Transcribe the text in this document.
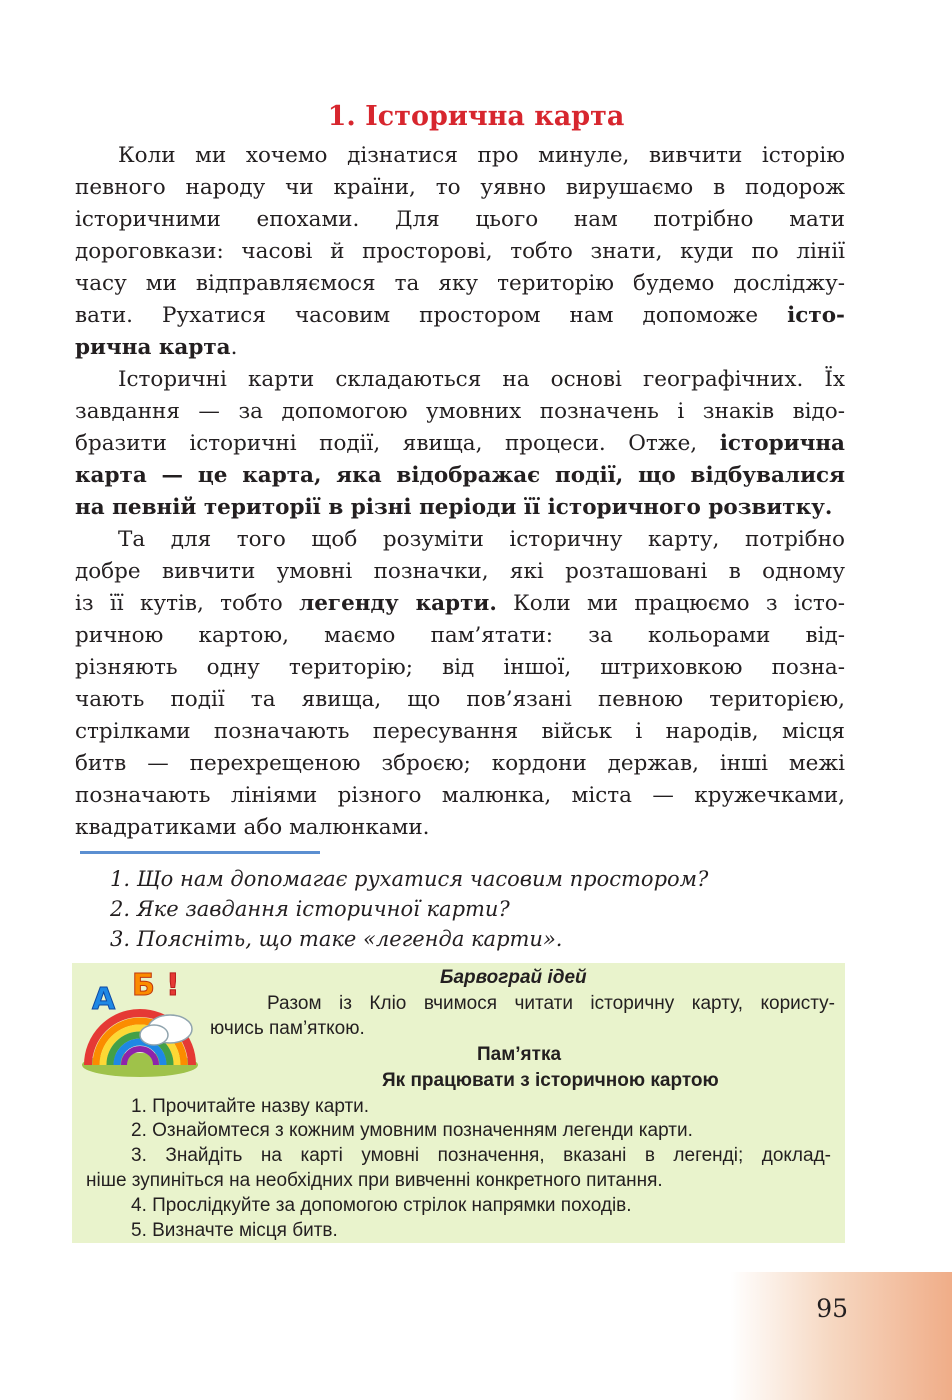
1. Історична карта
Коли ми хочемо дізнатися про минуле, вивчити історію
певного народу чи країни, то уявно вирушаємо в подорож
історичними епохами. Для цього нам потрібно мати
дороговкази: часові й просторові, тобто знати, куди по лінії
часу ми відправляємося та яку територію будемо досліджу-
вати. Рухатися часовим простором нам допоможе істо-
рична карта.
Історичні карти складаються на основі географічних. Їх
завдання — за допомогою умовних позначень і знаків відо-
бразити історичні події, явища, процеси. Отже, історична
карта — це карта, яка відображає події, що відбувалися
на певній території в різні періоди її історичного розвитку.
Та для того щоб розуміти історичну карту, потрібно
добре вивчити умовні позначки, які розташовані в одному
із її кутів, тобто легенду карти. Коли ми працюємо з істо-
ричною картою, маємо пам’ятати: за кольорами від-
різняють одну територію; від іншої, штриховкою позна-
чають події та явища, що пов’язані певною територією,
стрілками позначають пересування військ і народів, місця
битв — перехрещеною зброєю; кордони держав, інші межі
позначають лініями різного малюнка, міста — кружечками,
квадратиками або малюнками.
1. Що нам допомагає рухатися часовим простором?
2. Яке завдання історичної карти?
3. Поясніть, що таке «легенда карти».
А Б !	Барвограй ідей
Разом із Кліо вчимося читати історичну карту, користу-
ючись пам’яткою.
Пам’ятка
Як працювати з історичною картою
1. Прочитайте назву карти.
2. Ознайомтеся з кожним умовним позначенням легенди карти.
3. Знайдіть на карті умовні позначення, вказані в легенді; доклад-
ніше зупиніться на необхідних при вивченні конкретного питання.
4. Прослідкуйте за допомогою стрілок напрямки походів.
5. Визначте місця битв.
95
